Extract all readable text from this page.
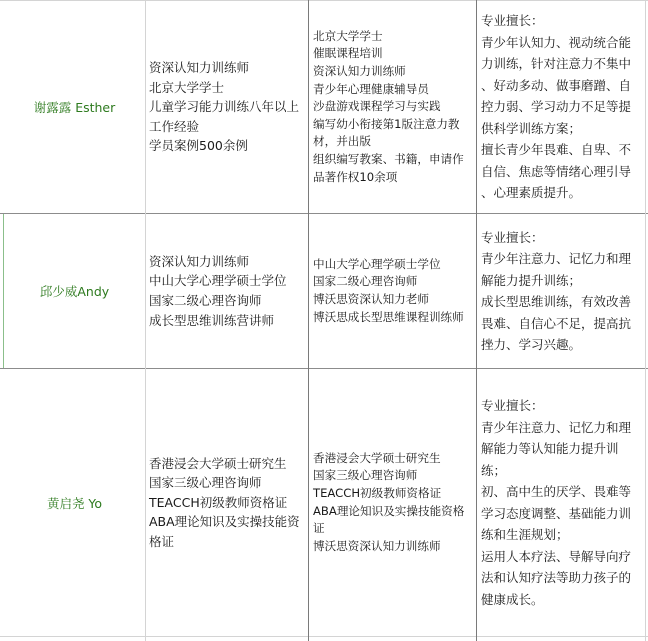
谢露露 Esther
资深认知力训练师
北京大学学士
儿童学习能力训练八年以上
工作经验
学员案例500余例
北京大学学士
催眠课程培训
资深认知力训练师
青少年心理健康辅导员
沙盘游戏课程学习与实践
编写幼小衔接第1版注意力教
材，并出版
组织编写教案、书籍，申请作
品著作权10余项
专业擅长：
青少年认知力、视动统合能
力训练，针对注意力不集中
、好动多动、做事磨蹭、自
控力弱、学习动力不足等提
供科学训练方案；
擅长青少年畏难、自卑、不
自信、焦虑等情绪心理引导
、心理素质提升。
邱少威Andy
资深认知力训练师
中山大学心理学硕士学位
国家二级心理咨询师
成长型思维训练营讲师
中山大学心理学硕士学位
国家二级心理咨询师
博沃思资深认知力老师
博沃思成长型思维课程训练师
专业擅长：
青少年注意力、记忆力和理
解能力提升训练；
成长型思维训练，有效改善
畏难、自信心不足，提高抗
挫力、学习兴趣。
黄启尧 Yo
香港浸会大学硕士研究生
国家三级心理咨询师
TEACCH初级教师资格证
ABA理论知识及实操技能资
格证
香港浸会大学硕士研究生
国家三级心理咨询师
TEACCH初级教师资格证
ABA理论知识及实操技能资格
证
博沃思资深认知力训练师
专业擅长：
青少年注意力、记忆力和理
解能力等认知能力提升训
练；
初、高中生的厌学、畏难等
学习态度调整、基础能力训
练和生涯规划；
运用人本疗法、导解导向疗
法和认知疗法等助力孩子的
健康成长。
